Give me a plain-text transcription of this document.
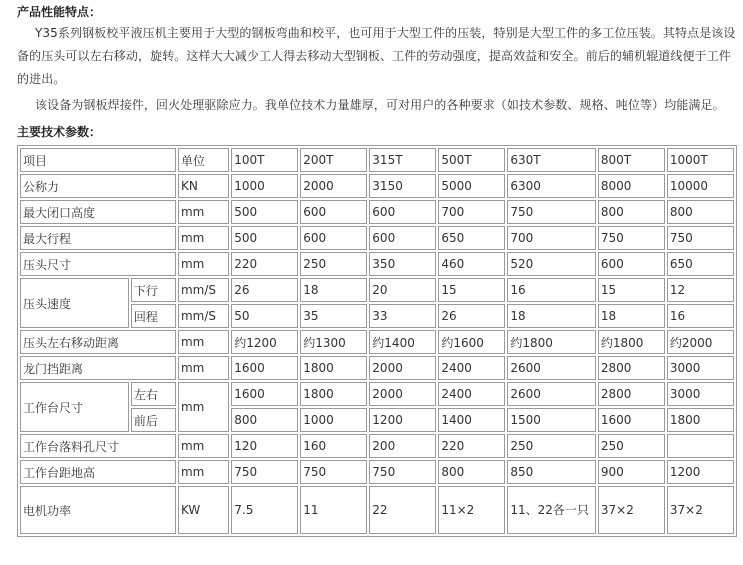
产品性能特点：
Y35系列钢板校平液压机主要用于大型的钢板弯曲和校平，也可用于大型工件的压装，特别是大型工件的多工位压装。其特点是该设备的压头可以左右移动，旋转。这样大大减少工人得去移动大型钢板、工件的劳动强度，提高效益和安全。前后的辅机辊道线便于工件的进出。
该设备为钢板焊接件，回火处理驱除应力。我单位技术力量雄厚，可对用户的各种要求（如技术参数、规格、吨位等）均能满足。
主要技术参数：
项目		单位	100T	200T	315T	500T	630T	800T	1000T
公称力		KN	1000	2000	3150	5000	6300	8000	10000
最大闭口高度		mm	500	600	600	700	750	800	800
最大行程		mm	500	600	600	650	700	750	750
压头尺寸		mm	220	250	350	460	520	600	650
压头速度	下行	mm/S	26	18	20	15	16	15	12
	回程	mm/S	50	35	33	26	18	18	16
压头左右移动距离		mm	约1200	约1300	约1400	约1600	约1800	约1800	约2000
龙门挡距离		mm	1600	1800	2000	2400	2600	2800	3000
工作台尺寸	左右	mm	1600	1800	2000	2400	2600	2800	3000
	前后		800	1000	1200	1400	1500	1600	1800
工作台落料孔尺寸		mm	120	160	200	220	250	250	
工作台距地高		mm	750	750	750	800	850	900	1200
电机功率		KW	7.5	11	22	11×2	11、22各一只	37×2	37×2
